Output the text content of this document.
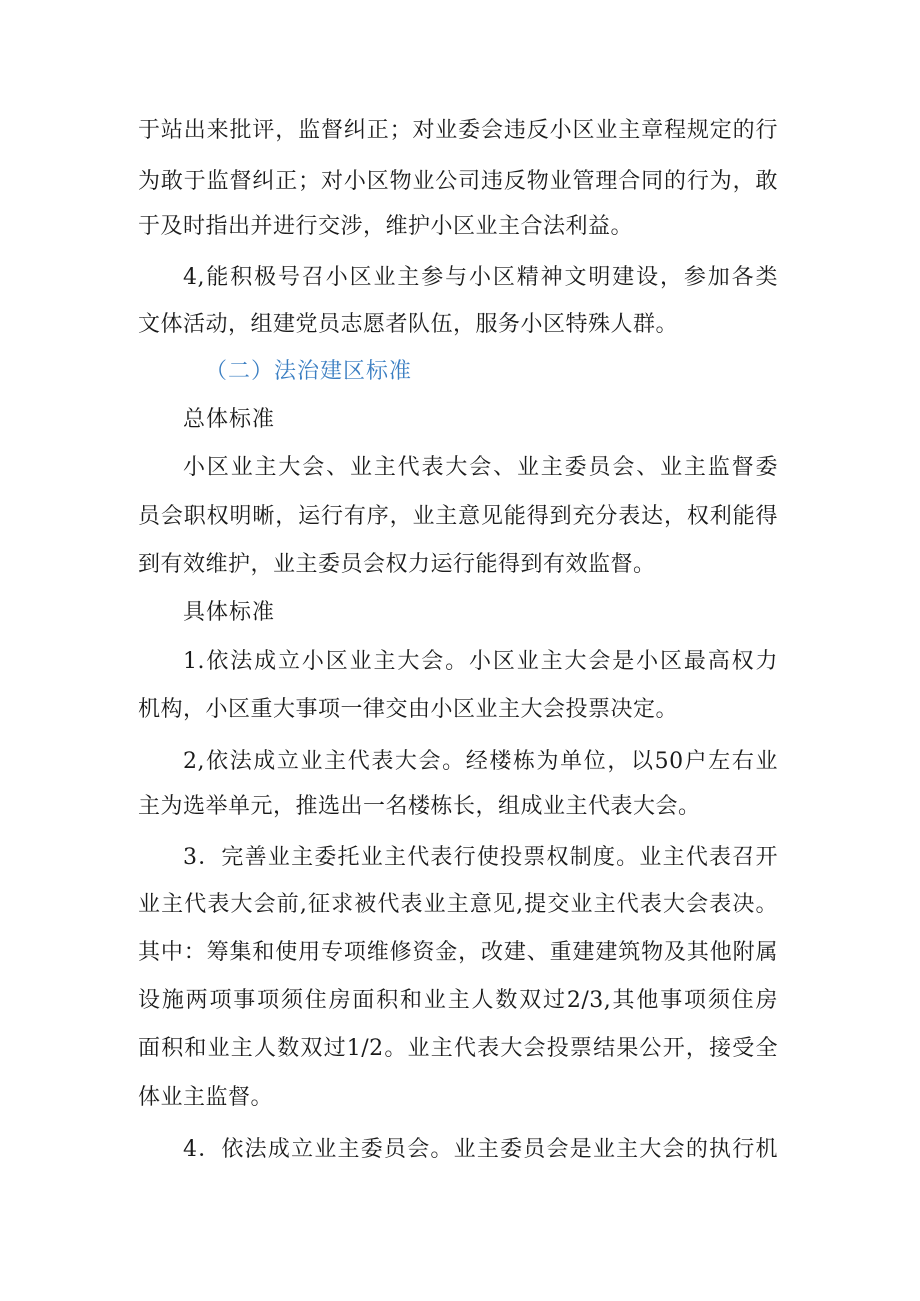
于站出来批评，监督纠正；对业委会违反小区业主章程规定的行
为敢于监督纠正；对小区物业公司违反物业管理合同的行为，敢
于及时指出并进行交涉，维护小区业主合法利益。
4,能积极号召小区业主参与小区精神文明建设，参加各类
文体活动，组建党员志愿者队伍，服务小区特殊人群。
（二）法治建区标准
总体标准
小区业主大会、业主代表大会、业主委员会、业主监督委
员会职权明晰，运行有序，业主意见能得到充分表达，权利能得
到有效维护，业主委员会权力运行能得到有效监督。
具体标准
1.依法成立小区业主大会。小区业主大会是小区最高权力
机构，小区重大事项一律交由小区业主大会投票决定。
2,依法成立业主代表大会。经楼栋为单位，以50户左右业
主为选举单元，推选出一名楼栋长，组成业主代表大会。
3．完善业主委托业主代表行使投票权制度。业主代表召开
业主代表大会前,征求被代表业主意见,提交业主代表大会表决。
其中：筹集和使用专项维修资金，改建、重建建筑物及其他附属
设施两项事项须住房面积和业主人数双过2/3,其他事项须住房
面积和业主人数双过1/2。业主代表大会投票结果公开，接受全
体业主监督。
4．依法成立业主委员会。业主委员会是业主大会的执行机
